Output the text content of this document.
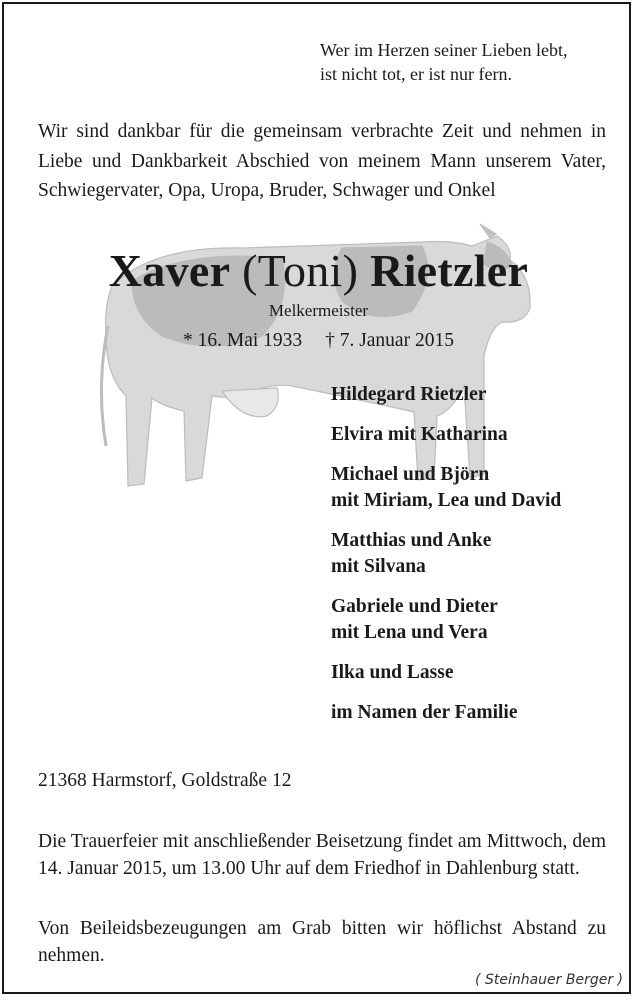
Wer im Herzen seiner Lieben lebt,
ist nicht tot, er ist nur fern.
Wir sind dankbar für die gemeinsam verbrachte Zeit und nehmen in Liebe und Dankbarkeit Abschied von meinem Mann unserem Vater, Schwiegervater, Opa, Uropa, Bruder, Schwager und Onkel
Xaver (Toni) Rietzler
Melkermeister
* 16. Mai 1933 † 7. Januar 2015
Hildegard Rietzler
Elvira mit Katharina
Michael und Björn
mit Miriam, Lea und David
Matthias und Anke
mit Silvana
Gabriele und Dieter
mit Lena und Vera
Ilka und Lasse
im Namen der Familie
21368 Harmstorf, Goldstraße 12
Die Trauerfeier mit anschließender Beisetzung findet am Mittwoch, dem 14. Januar 2015, um 13.00 Uhr auf dem Friedhof in Dahlenburg statt.
Von Beileidsbezeugungen am Grab bitten wir höflichst Abstand zu nehmen.
( Steinhauer Berger )
